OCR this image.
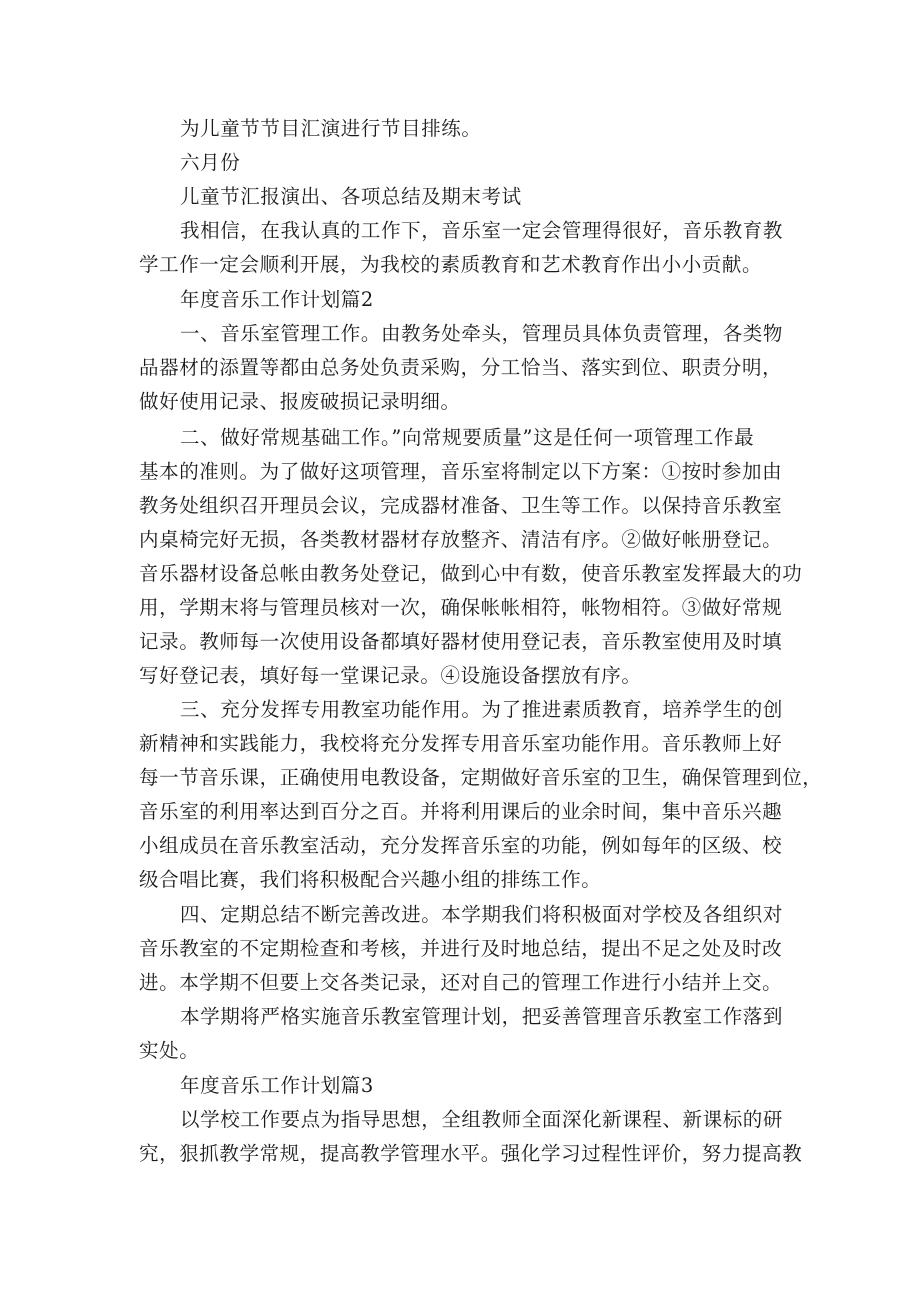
为儿童节节目汇演进行节目排练。
六月份
儿童节汇报演出、各项总结及期末考试
我相信，在我认真的工作下，音乐室一定会管理得很好，音乐教育教
学工作一定会顺利开展，为我校的素质教育和艺术教育作出小小贡献。
年度音乐工作计划篇2
一、音乐室管理工作。由教务处牵头，管理员具体负责管理，各类物
品器材的添置等都由总务处负责采购，分工恰当、落实到位、职责分明，
做好使用记录、报废破损记录明细。
二、做好常规基础工作。”向常规要质量”这是任何一项管理工作最
基本的准则。为了做好这项管理，音乐室将制定以下方案：①按时参加由
教务处组织召开理员会议，完成器材准备、卫生等工作。以保持音乐教室
内桌椅完好无损，各类教材器材存放整齐、清洁有序。②做好帐册登记。
音乐器材设备总帐由教务处登记，做到心中有数，使音乐教室发挥最大的功
用，学期末将与管理员核对一次，确保帐帐相符，帐物相符。③做好常规
记录。教师每一次使用设备都填好器材使用登记表，音乐教室使用及时填
写好登记表，填好每一堂课记录。④设施设备摆放有序。
三、充分发挥专用教室功能作用。为了推进素质教育，培养学生的创
新精神和实践能力，我校将充分发挥专用音乐室功能作用。音乐教师上好
每一节音乐课，正确使用电教设备，定期做好音乐室的卫生，确保管理到位，
音乐室的利用率达到百分之百。并将利用课后的业余时间，集中音乐兴趣
小组成员在音乐教室活动，充分发挥音乐室的功能，例如每年的区级、校
级合唱比赛，我们将积极配合兴趣小组的排练工作。
四、定期总结不断完善改进。本学期我们将积极面对学校及各组织对
音乐教室的不定期检查和考核，并进行及时地总结，提出不足之处及时改
进。本学期不但要上交各类记录，还对自己的管理工作进行小结并上交。
本学期将严格实施音乐教室管理计划，把妥善管理音乐教室工作落到
实处。
年度音乐工作计划篇3
以学校工作要点为指导思想，全组教师全面深化新课程、新课标的研
究，狠抓教学常规，提高教学管理水平。强化学习过程性评价，努力提高教
